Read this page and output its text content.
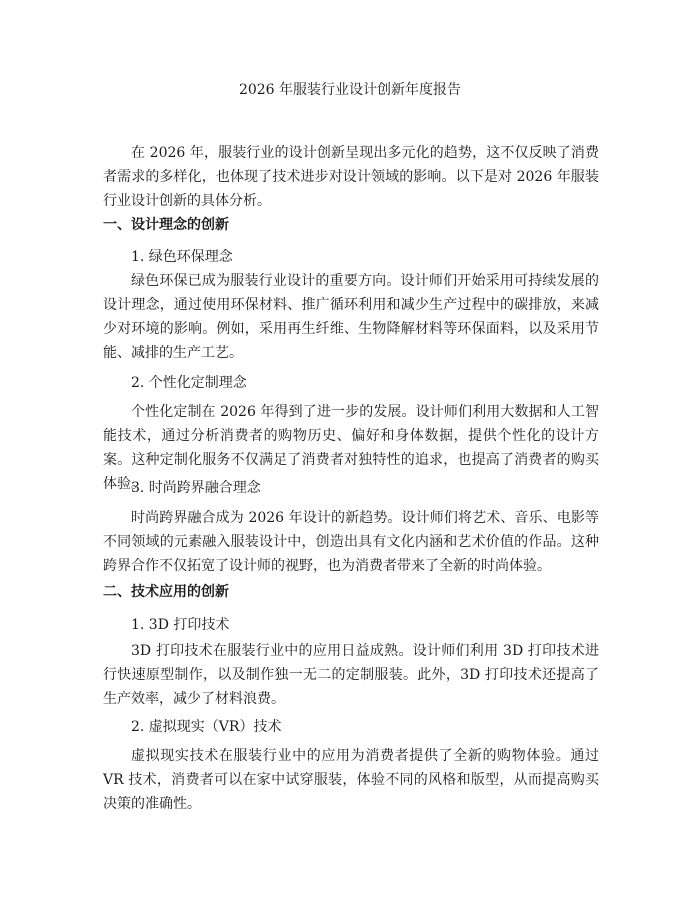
2026 年服装行业设计创新年度报告

在 2026 年，服装行业的设计创新呈现出多元化的趋势，这不仅反映了消费者需求的多样化，也体现了技术进步对设计领域的影响。以下是对 2026 年服装行业设计创新的具体分析。

一、设计理念的创新
1. 绿色环保理念

绿色环保已成为服装行业设计的重要方向。设计师们开始采用可持续发展的设计理念，通过使用环保材料、推广循环利用和减少生产过程中的碳排放，来减少对环境的影响。例如，采用再生纤维、生物降解材料等环保面料，以及采用节能、减排的生产工艺。

2. 个性化定制理念

个性化定制在 2026 年得到了进一步的发展。设计师们利用大数据和人工智能技术，通过分析消费者的购物历史、偏好和身体数据，提供个性化的设计方案。这种定制化服务不仅满足了消费者对独特性的追求，也提高了消费者的购买体验。

3. 时尚跨界融合理念

时尚跨界融合成为 2026 年设计的新趋势。设计师们将艺术、音乐、电影等不同领域的元素融入服装设计中，创造出具有文化内涵和艺术价值的作品。这种跨界合作不仅拓宽了设计师的视野，也为消费者带来了全新的时尚体验。

二、技术应用的创新
1. 3D 打印技术

3D 打印技术在服装行业中的应用日益成熟。设计师们利用 3D 打印技术进行快速原型制作，以及制作独一无二的定制服装。此外，3D 打印技术还提高了生产效率，减少了材料浪费。

2. 虚拟现实（VR）技术

虚拟现实技术在服装行业中的应用为消费者提供了全新的购物体验。通过 VR 技术，消费者可以在家中试穿服装，体验不同的风格和版型，从而提高购买决策的准确性。
